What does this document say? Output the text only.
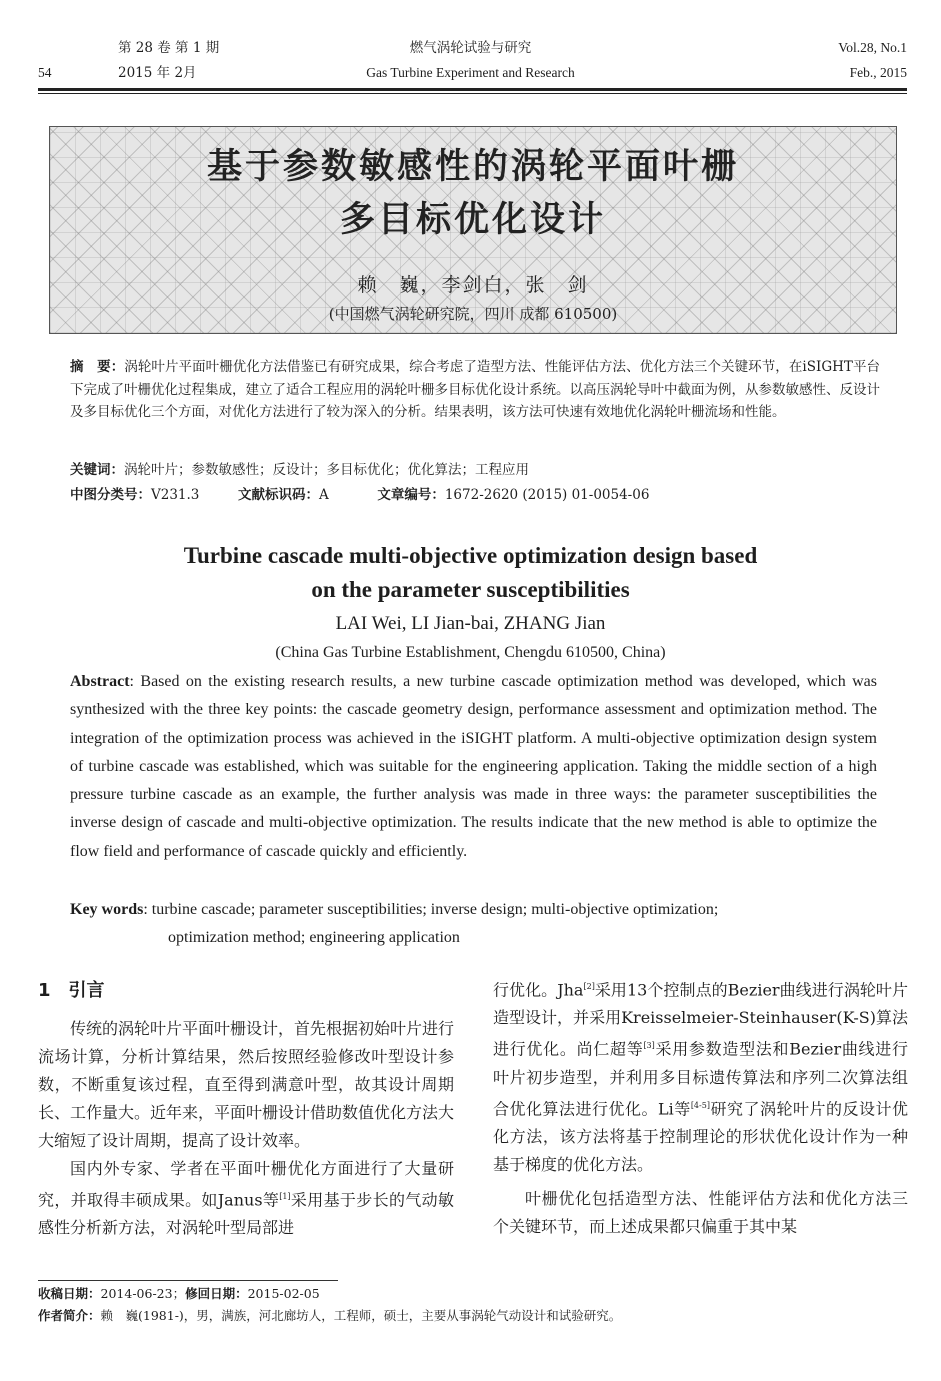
第 28 卷 第 1 期	燃气涡轮试验与研究	Vol.28, No.1
54	2015 年 2月	Gas Turbine Experiment and Research	Feb., 2015
基于参数敏感性的涡轮平面叶栅
多目标优化设计
赖　巍，李剑白，张　剑
(中国燃气涡轮研究院，四川 成都 610500)
摘　要：涡轮叶片平面叶栅优化方法借鉴已有研究成果，综合考虑了造型方法、性能评估方法、优化方法三个关键环节，在iSIGHT平台下完成了叶栅优化过程集成，建立了适合工程应用的涡轮叶栅多目标优化设计系统。以高压涡轮导叶中截面为例，从参数敏感性、反设计及多目标优化三个方面，对优化方法进行了较为深入的分析。结果表明，该方法可快速有效地优化涡轮叶栅流场和性能。
关键词：涡轮叶片；参数敏感性；反设计；多目标优化；优化算法；工程应用
中图分类号：V231.3	文献标识码：A	文章编号：1672-2620 (2015) 01-0054-06
Turbine cascade multi-objective optimization design based
on the parameter susceptibilities
LAI Wei, LI Jian-bai, ZHANG Jian
(China Gas Turbine Establishment, Chengdu 610500, China)
Abstract: Based on the existing research results, a new turbine cascade optimization method was developed, which was synthesized with the three key points: the cascade geometry design, performance assessment and optimization method. The integration of the optimization process was achieved in the iSIGHT platform. A multi-objective optimization design system of turbine cascade was established, which was suitable for the engineering application. Taking the middle section of a high pressure turbine cascade as an example, the further analysis was made in three ways: the parameter susceptibilities the inverse design of cascade and multi-objective optimization. The results indicate that the new method is able to optimize the flow field and performance of cascade quickly and efficiently.
Key words: turbine cascade; parameter susceptibilities; inverse design; multi-objective optimization;
optimization method; engineering application
1　引言
传统的涡轮叶片平面叶栅设计，首先根据初始叶片进行流场计算，分析计算结果，然后按照经验修改叶型设计参数，不断重复该过程，直至得到满意叶型，故其设计周期长、工作量大。近年来，平面叶栅设计借助数值优化方法大大缩短了设计周期，提高了设计效率。
国内外专家、学者在平面叶栅优化方面进行了大量研究，并取得丰硕成果。如Janus等[1]采用基于步长的气动敏感性分析新方法，对涡轮叶型局部进
行优化。Jha[2]采用13个控制点的Bezier曲线进行涡轮叶片造型设计，并采用Kreisselmeier-Steinhauser(K-S)算法进行优化。尚仁超等[3]采用参数造型法和Bezier曲线进行叶片初步造型，并利用多目标遗传算法和序列二次算法组合优化算法进行优化。Li等[4-5]研究了涡轮叶片的反设计优化方法，该方法将基于控制理论的形状优化设计作为一种基于梯度的优化方法。
叶栅优化包括造型方法、性能评估方法和优化方法三个关键环节，而上述成果都只偏重于其中某
收稿日期：2014-06-23；修回日期：2015-02-05
作者简介：赖　巍(1981-)，男，满族，河北廊坊人，工程师，硕士，主要从事涡轮气动设计和试验研究。
